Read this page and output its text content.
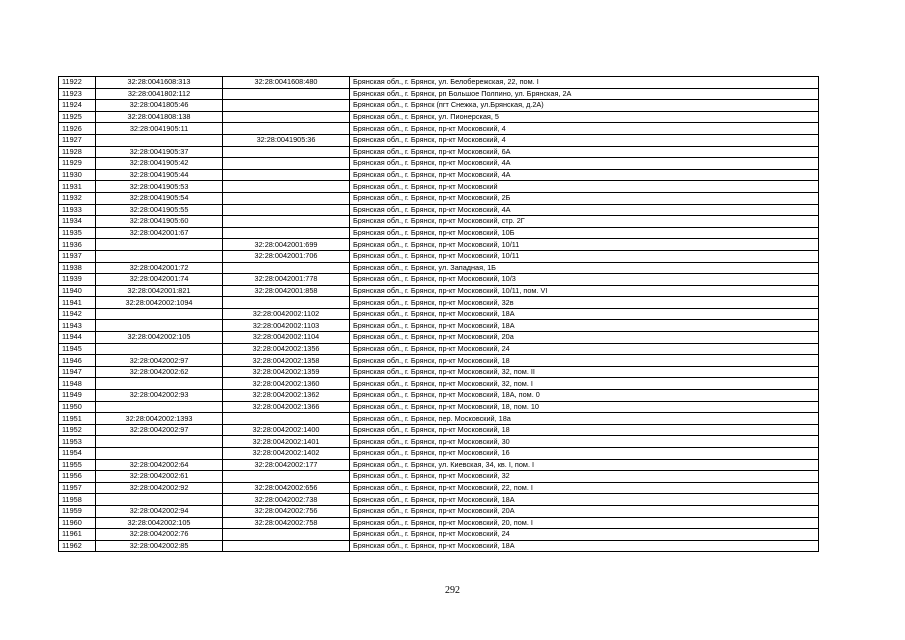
11922	32:28:0041608:313	32:28:0041608:480	Брянская обл., г. Брянск, ул. Белобережская, 22, пом. I
11923	32:28:0041802:112		Брянская обл., г. Брянск, рп Большое Полпино, ул. Брянская, 2А
11924	32:28:0041805:46		Брянская обл., г. Брянск (пгт Снежка, ул.Брянская, д.2А)
11925	32:28:0041808:138		Брянская обл., г. Брянск, ул. Пионерская, 5
11926	32:28:0041905:11		Брянская обл., г. Брянск, пр-кт Московский, 4
11927		32:28:0041905:36	Брянская обл., г. Брянск, пр-кт Московский, 4
11928	32:28:0041905:37		Брянская обл., г. Брянск, пр-кт Московский, 6А
11929	32:28:0041905:42		Брянская обл., г. Брянск, пр-кт Московский, 4А
11930	32:28:0041905:44		Брянская обл., г. Брянск, пр-кт Московский, 4А
11931	32:28:0041905:53		Брянская обл., г. Брянск, пр-кт Московский
11932	32:28:0041905:54		Брянская обл., г. Брянск, пр-кт Московский, 2Б
11933	32:28:0041905:55		Брянская обл., г. Брянск, пр-кт Московский, 4А
11934	32:28:0041905:60		Брянская обл., г. Брянск, пр-кт Московский, стр. 2Г
11935	32:28:0042001:67		Брянская обл., г. Брянск, пр-кт Московский, 10Б
11936		32:28:0042001:699	Брянская обл., г. Брянск, пр-кт Московский, 10/11
11937		32:28:0042001:706	Брянская обл., г. Брянск, пр-кт Московский, 10/11
11938	32:28:0042001:72		Брянская обл., г. Брянск, ул. Западная, 1Б
11939	32:28:0042001:74	32:28:0042001:778	Брянская обл., г. Брянск, пр-кт Московский, 10/3
11940	32:28:0042001:821	32:28:0042001:858	Брянская обл., г. Брянск, пр-кт Московский, 10/11, пом. VI
11941	32:28:0042002:1094		Брянская обл., г. Брянск, пр-кт Московский, 32в
11942		32:28:0042002:1102	Брянская обл., г. Брянск, пр-кт Московский, 18А
11943		32:28:0042002:1103	Брянская обл., г. Брянск, пр-кт Московский, 18А
11944	32:28:0042002:105	32:28:0042002:1104	Брянская обл., г. Брянск, пр-кт Московский, 20а
11945		32:28:0042002:1356	Брянская обл., г. Брянск, пр-кт Московский, 24
11946	32:28:0042002:97	32:28:0042002:1358	Брянская обл., г. Брянск, пр-кт Московский, 18
11947	32:28:0042002:62	32:28:0042002:1359	Брянская обл., г. Брянск, пр-кт Московский, 32, пом. II
11948		32:28:0042002:1360	Брянская обл., г. Брянск, пр-кт Московский, 32, пом. I
11949	32:28:0042002:93	32:28:0042002:1362	Брянская обл., г. Брянск, пр-кт Московский, 18А, пом. 0
11950		32:28:0042002:1366	Брянская обл., г. Брянск, пр-кт Московский, 18, пом. 10
11951	32:28:0042002:1393		Брянская обл., г. Брянск, пер. Московский, 18а
11952	32:28:0042002:97	32:28:0042002:1400	Брянская обл., г. Брянск, пр-кт Московский, 18
11953		32:28:0042002:1401	Брянская обл., г. Брянск, пр-кт Московский, 30
11954		32:28:0042002:1402	Брянская обл., г. Брянск, пр-кт Московский, 16
11955	32:28:0042002:64	32:28:0042002:177	Брянская обл., г. Брянск, ул. Киевская, 34, кв. I, пом. I
11956	32:28:0042002:61		Брянская обл., г. Брянск, пр-кт Московский, 32
11957	32:28:0042002:92	32:28:0042002:656	Брянская обл., г. Брянск, пр-кт Московский, 22, пом. I
11958		32:28:0042002:738	Брянская обл., г. Брянск, пр-кт Московский, 18А
11959	32:28:0042002:94	32:28:0042002:756	Брянская обл., г. Брянск, пр-кт Московский, 20А
11960	32:28:0042002:105	32:28:0042002:758	Брянская обл., г. Брянск, пр-кт Московский, 20, пом. I
11961	32:28:0042002:76		Брянская обл., г. Брянск, пр-кт Московский, 24
11962	32:28:0042002:85		Брянская обл., г. Брянск, пр-кт Московский, 18А
292
